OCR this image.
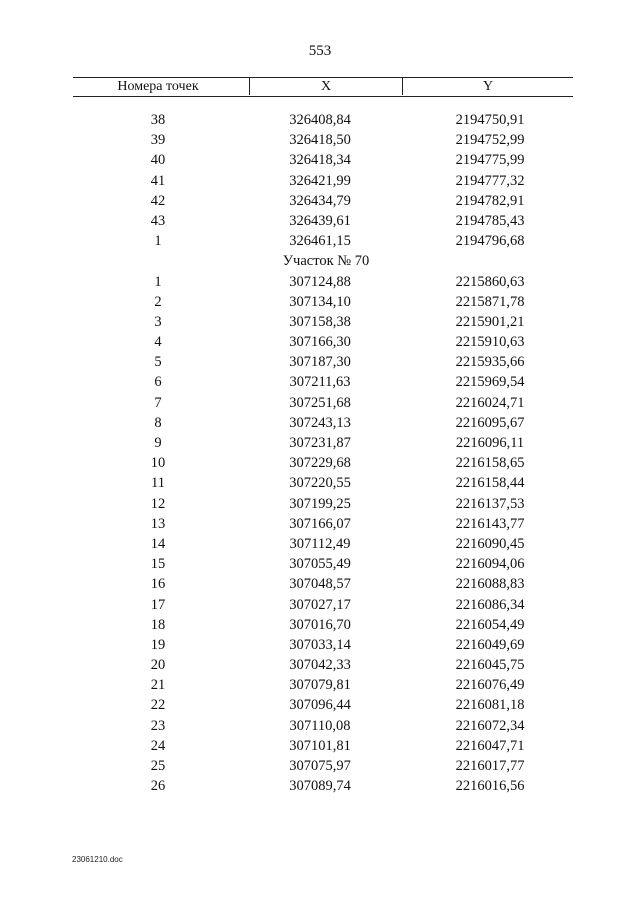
553
Номера точек	X	Y
38	326408,84	2194750,91
39	326418,50	2194752,99
40	326418,34	2194775,99
41	326421,99	2194777,32
42	326434,79	2194782,91
43	326439,61	2194785,43
1	326461,15	2194796,68
Участок № 70
1	307124,88	2215860,63
2	307134,10	2215871,78
3	307158,38	2215901,21
4	307166,30	2215910,63
5	307187,30	2215935,66
6	307211,63	2215969,54
7	307251,68	2216024,71
8	307243,13	2216095,67
9	307231,87	2216096,11
10	307229,68	2216158,65
11	307220,55	2216158,44
12	307199,25	2216137,53
13	307166,07	2216143,77
14	307112,49	2216090,45
15	307055,49	2216094,06
16	307048,57	2216088,83
17	307027,17	2216086,34
18	307016,70	2216054,49
19	307033,14	2216049,69
20	307042,33	2216045,75
21	307079,81	2216076,49
22	307096,44	2216081,18
23	307110,08	2216072,34
24	307101,81	2216047,71
25	307075,97	2216017,77
26	307089,74	2216016,56
23061210.doc
